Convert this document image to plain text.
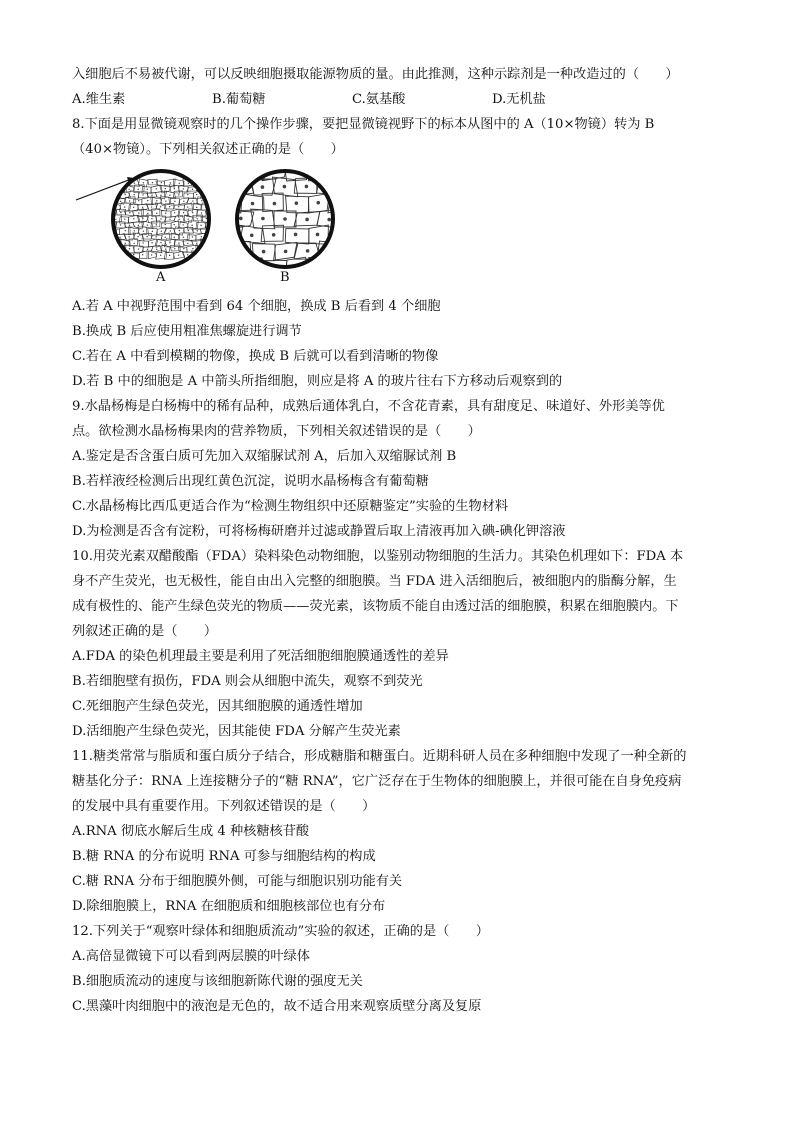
入细胞后不易被代谢，可以反映细胞摄取能源物质的量。由此推测，这种示踪剂是一种改造过的（　　）
A.维生素	B.葡萄糖	C.氨基酸	D.无机盐
8.下面是用显微镜观察时的几个操作步骤，要把显微镜视野下的标本从图中的 A（10×物镜）转为 B
（40×物镜）。下列相关叙述正确的是（　　）
A	B
A.若 A 中视野范围中看到 64 个细胞，换成 B 后看到 4 个细胞
B.换成 B 后应使用粗准焦螺旋进行调节
C.若在 A 中看到模糊的物像，换成 B 后就可以看到清晰的物像
D.若 B 中的细胞是 A 中箭头所指细胞，则应是将 A 的玻片往右下方移动后观察到的
9.水晶杨梅是白杨梅中的稀有品种，成熟后通体乳白，不含花青素，具有甜度足、味道好、外形美等优
点。欲检测水晶杨梅果肉的营养物质，下列相关叙述错误的是（　　）
A.鉴定是否含蛋白质可先加入双缩脲试剂 A，后加入双缩脲试剂 B
B.若样液经检测后出现红黄色沉淀，说明水晶杨梅含有葡萄糖
C.水晶杨梅比西瓜更适合作为“检测生物组织中还原糖鉴定”实验的生物材料
D.为检测是否含有淀粉，可将杨梅研磨并过滤或静置后取上清液再加入碘-碘化钾溶液
10.用荧光素双醋酸酯（FDA）染料染色动物细胞，以鉴别动物细胞的生活力。其染色机理如下：FDA 本
身不产生荧光，也无极性，能自由出入完整的细胞膜。当 FDA 进入活细胞后，被细胞内的脂酶分解，生
成有极性的、能产生绿色荧光的物质——荧光素，该物质不能自由透过活的细胞膜，积累在细胞膜内。下
列叙述正确的是（　　）
A.FDA 的染色机理最主要是利用了死活细胞细胞膜通透性的差异
B.若细胞壁有损伤，FDA 则会从细胞中流失，观察不到荧光
C.死细胞产生绿色荧光，因其细胞膜的通透性增加
D.活细胞产生绿色荧光，因其能使 FDA 分解产生荧光素
11.糖类常常与脂质和蛋白质分子结合，形成糖脂和糖蛋白。近期科研人员在多种细胞中发现了一种全新的
糖基化分子：RNA 上连接糖分子的“糖 RNA”，它广泛存在于生物体的细胞膜上，并很可能在自身免疫病
的发展中具有重要作用。下列叙述错误的是（　　）
A.RNA 彻底水解后生成 4 种核糖核苷酸
B.糖 RNA 的分布说明 RNA 可参与细胞结构的构成
C.糖 RNA 分布于细胞膜外侧，可能与细胞识别功能有关
D.除细胞膜上，RNA 在细胞质和细胞核部位也有分布
12.下列关于“观察叶绿体和细胞质流动”实验的叙述，正确的是（　　）
A.高倍显微镜下可以看到两层膜的叶绿体
B.细胞质流动的速度与该细胞新陈代谢的强度无关
C.黑藻叶肉细胞中的液泡是无色的，故不适合用来观察质壁分离及复原
